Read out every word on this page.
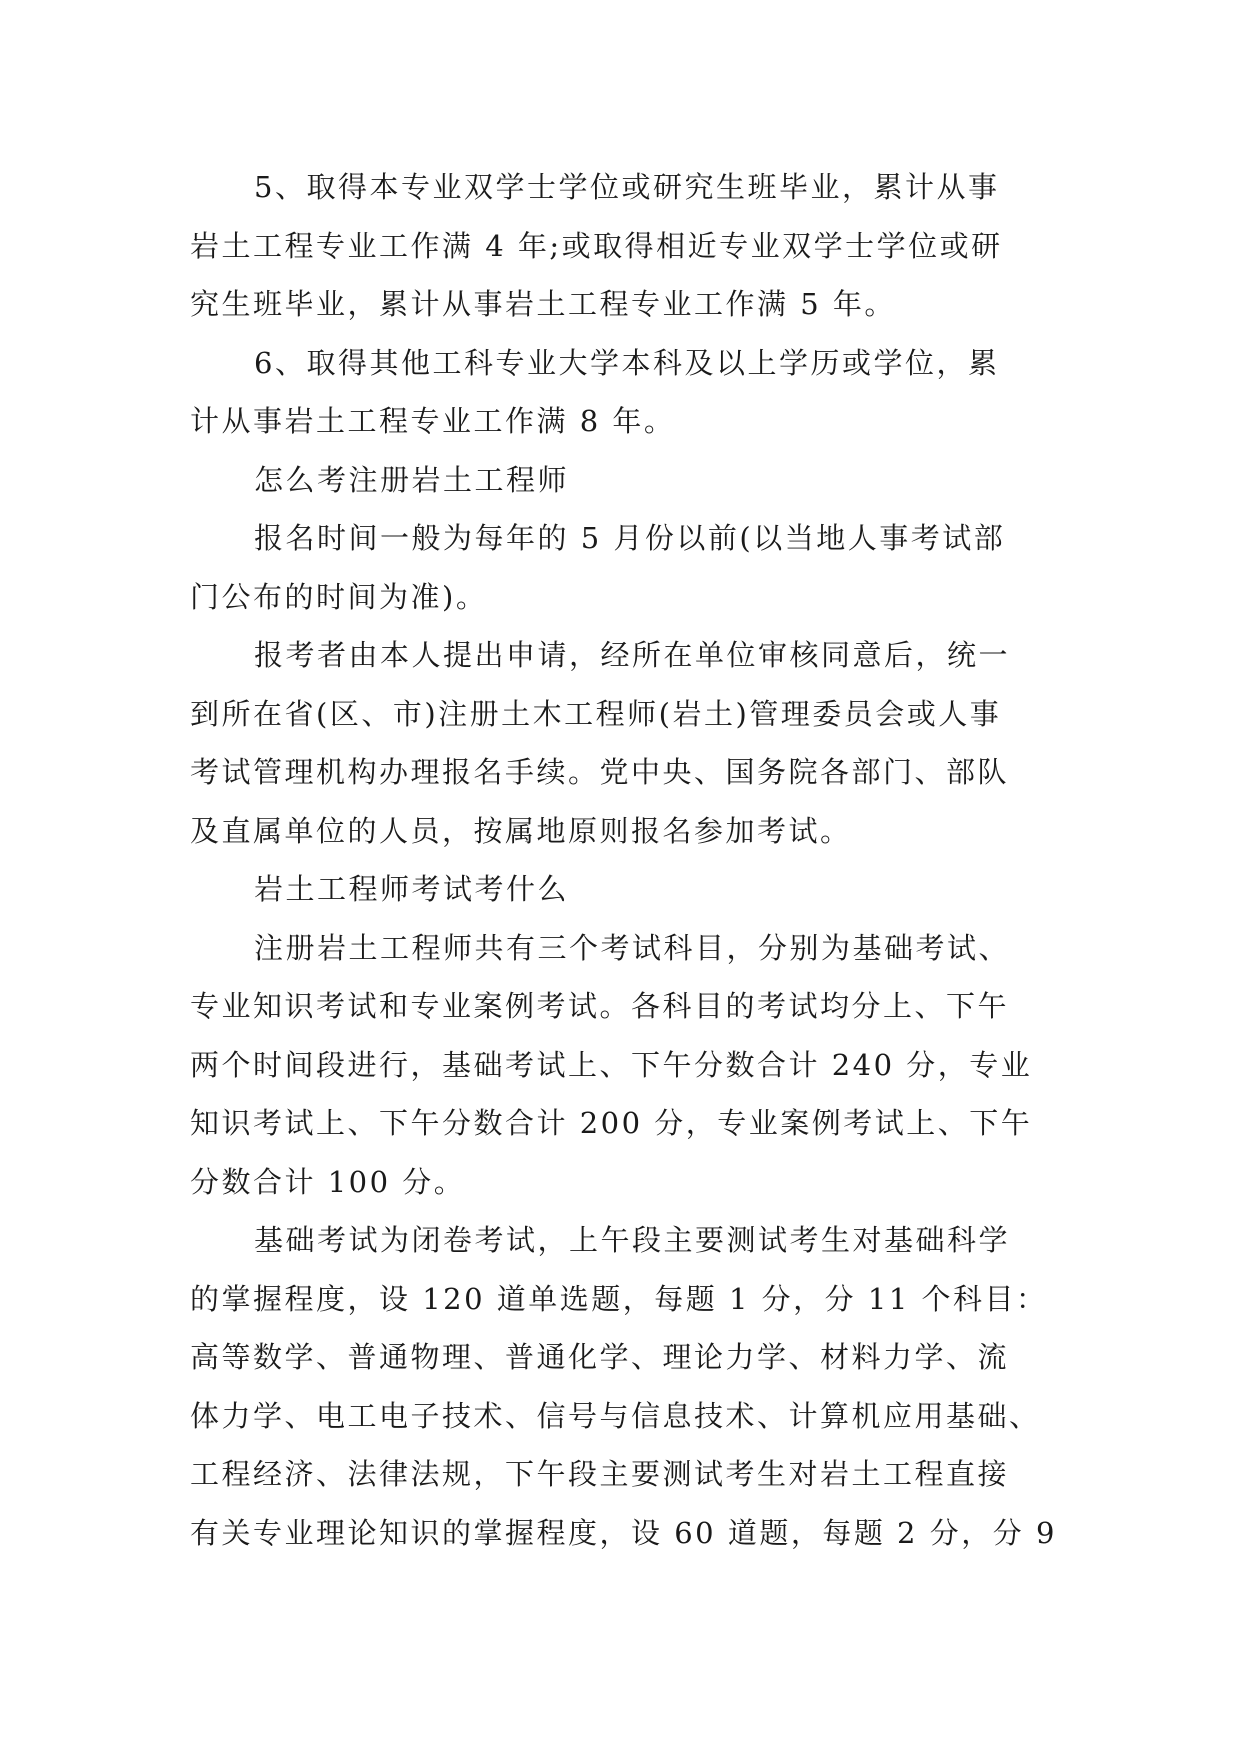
5、取得本专业双学士学位或研究生班毕业，累计从事
岩土工程专业工作满 4 年;或取得相近专业双学士学位或研
究生班毕业，累计从事岩土工程专业工作满 5 年。
6、取得其他工科专业大学本科及以上学历或学位，累
计从事岩土工程专业工作满 8 年。
怎么考注册岩土工程师
报名时间一般为每年的 5 月份以前(以当地人事考试部
门公布的时间为准)。
报考者由本人提出申请，经所在单位审核同意后，统一
到所在省(区、市)注册土木工程师(岩土)管理委员会或人事
考试管理机构办理报名手续。党中央、国务院各部门、部队
及直属单位的人员，按属地原则报名参加考试。
岩土工程师考试考什么
注册岩土工程师共有三个考试科目，分别为基础考试、
专业知识考试和专业案例考试。各科目的考试均分上、下午
两个时间段进行，基础考试上、下午分数合计 240 分，专业
知识考试上、下午分数合计 200 分，专业案例考试上、下午
分数合计 100 分。
基础考试为闭卷考试，上午段主要测试考生对基础科学
的掌握程度，设 120 道单选题，每题 1 分，分 11 个科目：
高等数学、普通物理、普通化学、理论力学、材料力学、流
体力学、电工电子技术、信号与信息技术、计算机应用基础、
工程经济、法律法规，下午段主要测试考生对岩土工程直接
有关专业理论知识的掌握程度，设 60 道题，每题 2 分，分 9
